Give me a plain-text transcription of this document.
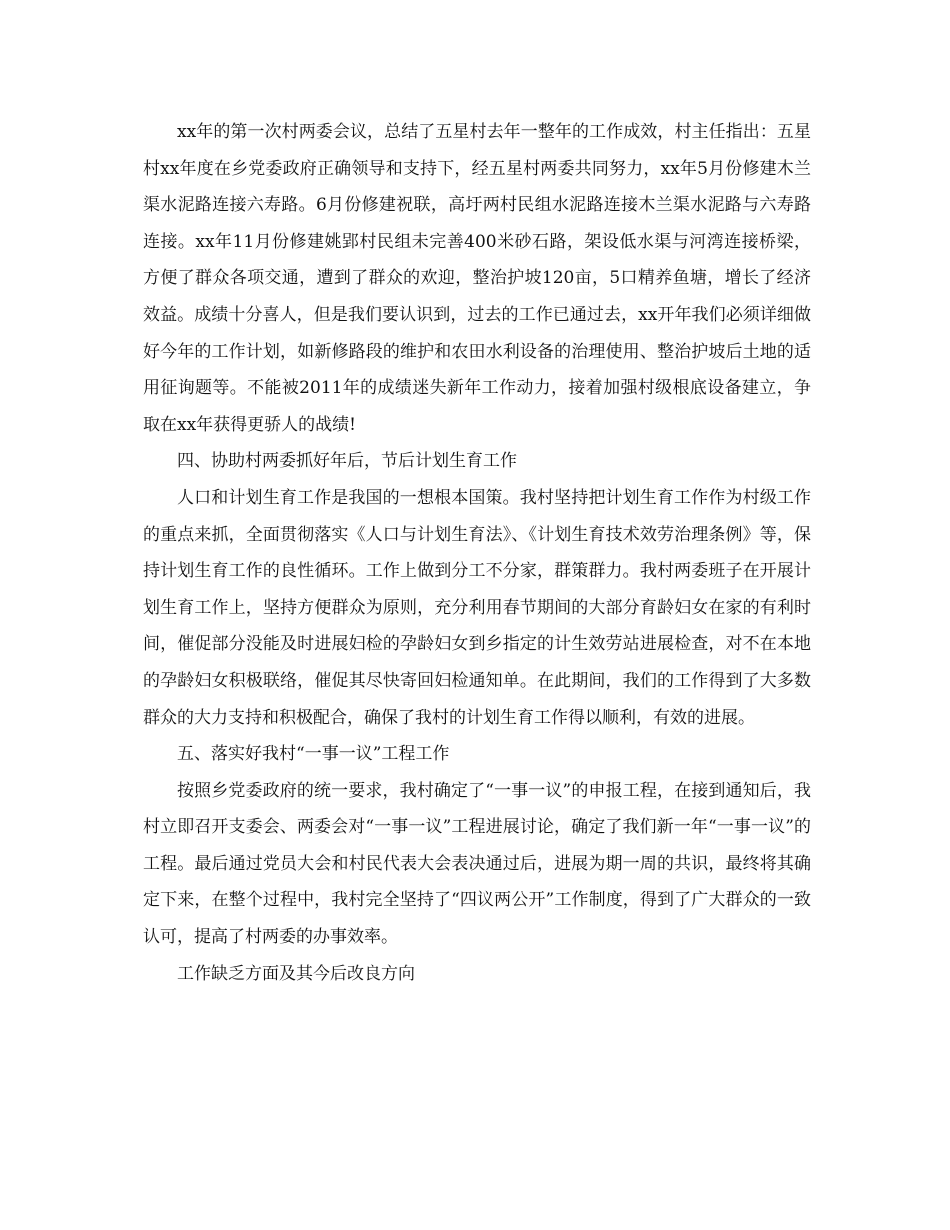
xx年的第一次村两委会议，总结了五星村去年一整年的工作成效，村主任指出：五星村xx年度在乡党委政府正确领导和支持下，经五星村两委共同努力，xx年5月份修建木兰渠水泥路连接六寿路。6月份修建祝联，高圩两村民组水泥路连接木兰渠水泥路与六寿路连接。xx年11月份修建姚郢村民组未完善400米砂石路，架设低水渠与河湾连接桥梁，方便了群众各项交通，遭到了群众的欢迎，整治护坡120亩，5口精养鱼塘，增长了经济效益。成绩十分喜人，但是我们要认识到，过去的工作已通过去，xx开年我们必须详细做好今年的工作计划，如新修路段的维护和农田水利设备的治理使用、整治护坡后土地的适用征询题等。不能被2011年的成绩迷失新年工作动力，接着加强村级根底设备建立，争取在xx年获得更骄人的战绩!

四、协助村两委抓好年后，节后计划生育工作

人口和计划生育工作是我国的一想根本国策。我村坚持把计划生育工作作为村级工作的重点来抓，全面贯彻落实《人口与计划生育法》、《计划生育技术效劳治理条例》等，保持计划生育工作的良性循环。工作上做到分工不分家，群策群力。我村两委班子在开展计划生育工作上，坚持方便群众为原则，充分利用春节期间的大部分育龄妇女在家的有利时间，催促部分没能及时进展妇检的孕龄妇女到乡指定的计生效劳站进展检查，对不在本地的孕龄妇女积极联络，催促其尽快寄回妇检通知单。在此期间，我们的工作得到了大多数群众的大力支持和积极配合，确保了我村的计划生育工作得以顺利，有效的进展。

五、落实好我村“一事一议”工程工作

按照乡党委政府的统一要求，我村确定了“一事一议”的申报工程，在接到通知后，我村立即召开支委会、两委会对“一事一议”工程进展讨论，确定了我们新一年“一事一议”的工程。最后通过党员大会和村民代表大会表决通过后，进展为期一周的共识，最终将其确定下来，在整个过程中，我村完全坚持了“四议两公开”工作制度，得到了广大群众的一致认可，提高了村两委的办事效率。

工作缺乏方面及其今后改良方向
